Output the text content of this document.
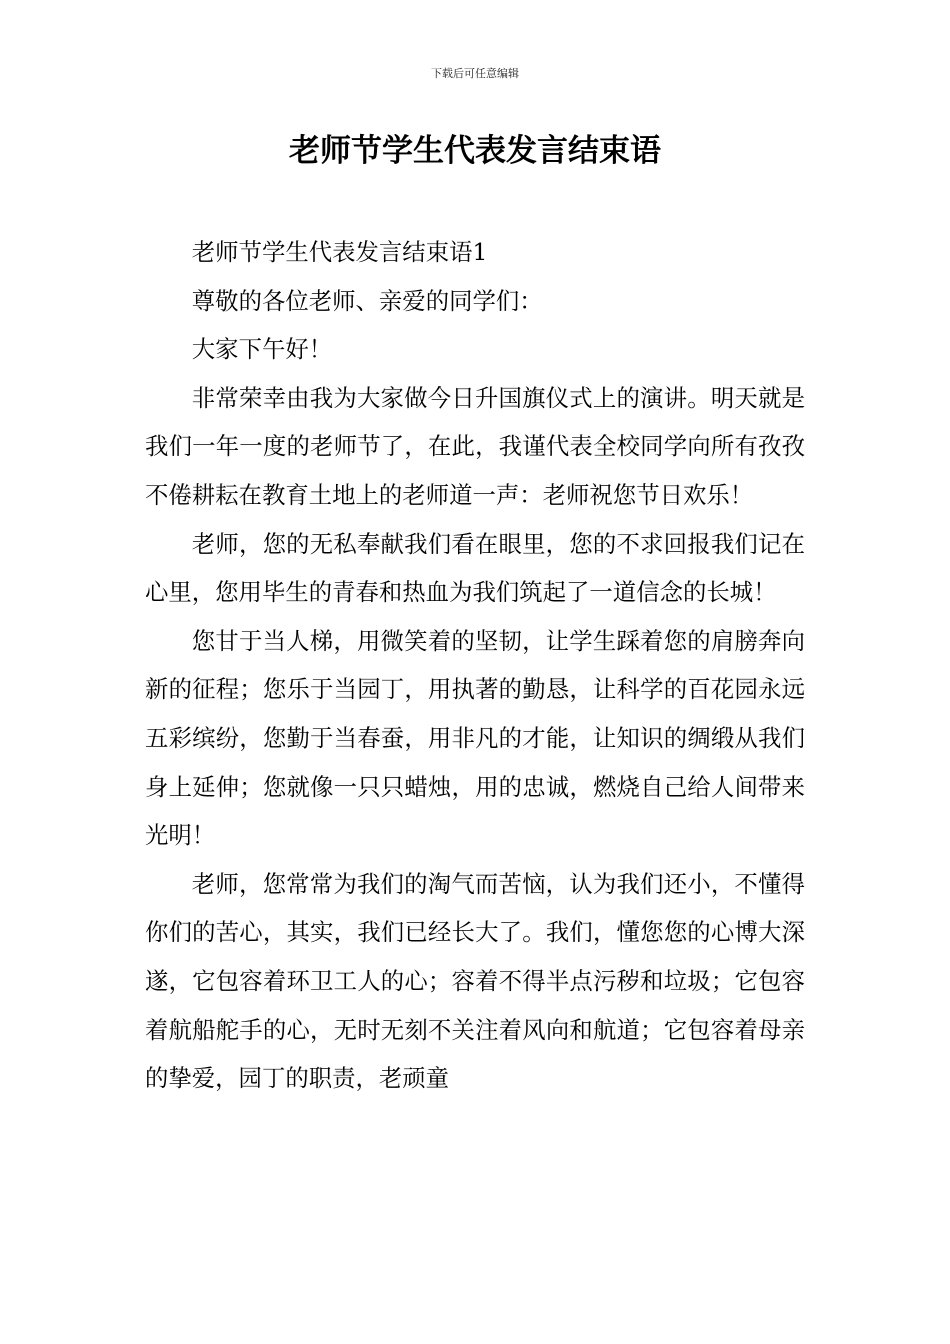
下载后可任意编辑
老师节学生代表发言结束语

老师节学生代表发言结束语1

尊敬的各位老师、亲爱的同学们：

大家下午好！

非常荣幸由我为大家做今日升国旗仪式上的演讲。明天就是我们一年一度的老师节了，在此，我谨代表全校同学向所有孜孜不倦耕耘在教育土地上的老师道一声：老师祝您节日欢乐！

老师，您的无私奉献我们看在眼里，您的不求回报我们记在心里，您用毕生的青春和热血为我们筑起了一道信念的长城！

您甘于当人梯，用微笑着的坚韧，让学生踩着您的肩膀奔向新的征程；您乐于当园丁，用执著的勤恳，让科学的百花园永远五彩缤纷，您勤于当春蚕，用非凡的才能，让知识的绸缎从我们身上延伸；您就像一只只蜡烛，用的忠诚，燃烧自己给人间带来光明！

老师，您常常为我们的淘气而苦恼，认为我们还小，不懂得你们的苦心，其实，我们已经长大了。我们，懂您您的心博大深遂，它包容着环卫工人的心；容着不得半点污秽和垃圾；它包容着航船舵手的心，无时无刻不关注着风向和航道；它包容着母亲的挚爱，园丁的职责，老顽童
